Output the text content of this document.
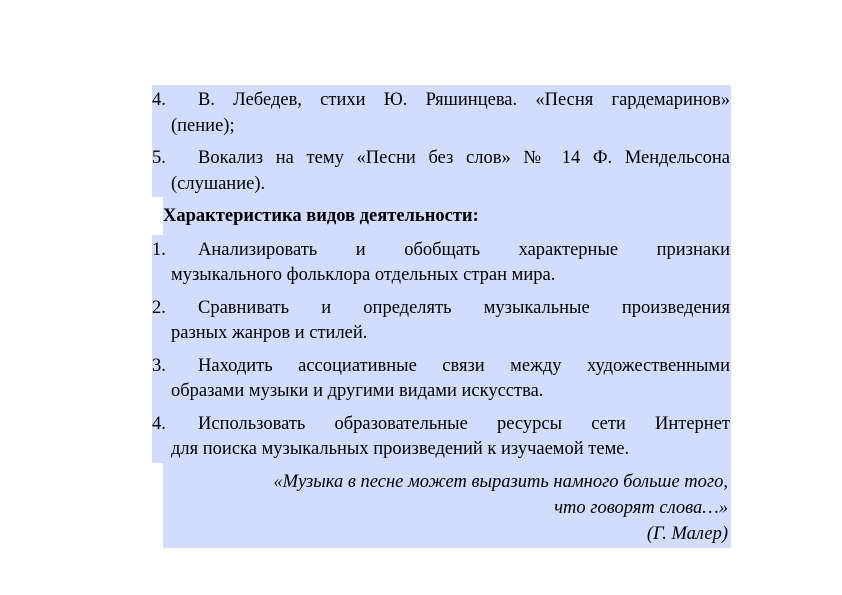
4. В. Лебедев, стихи Ю. Ряшинцева. «Песня гардемаринов»
(пение);
5. Вокализ на тему «Песни без слов» № 14 Ф. Мендельсона
(слушание).
Характеристика видов деятельности:
1. Анализировать и обобщать характерные признаки
музыкального фольклора отдельных стран мира.
2. Сравнивать и определять музыкальные произведения
разных жанров и стилей.
3. Находить ассоциативные связи между художественными
образами музыки и другими видами искусства.
4. Использовать образовательные ресурсы сети Интернет
для поиска музыкальных произведений к изучаемой теме.
«Музыка в песне может выразить намного больше того,
что говорят слова…»
(Г. Малер)
